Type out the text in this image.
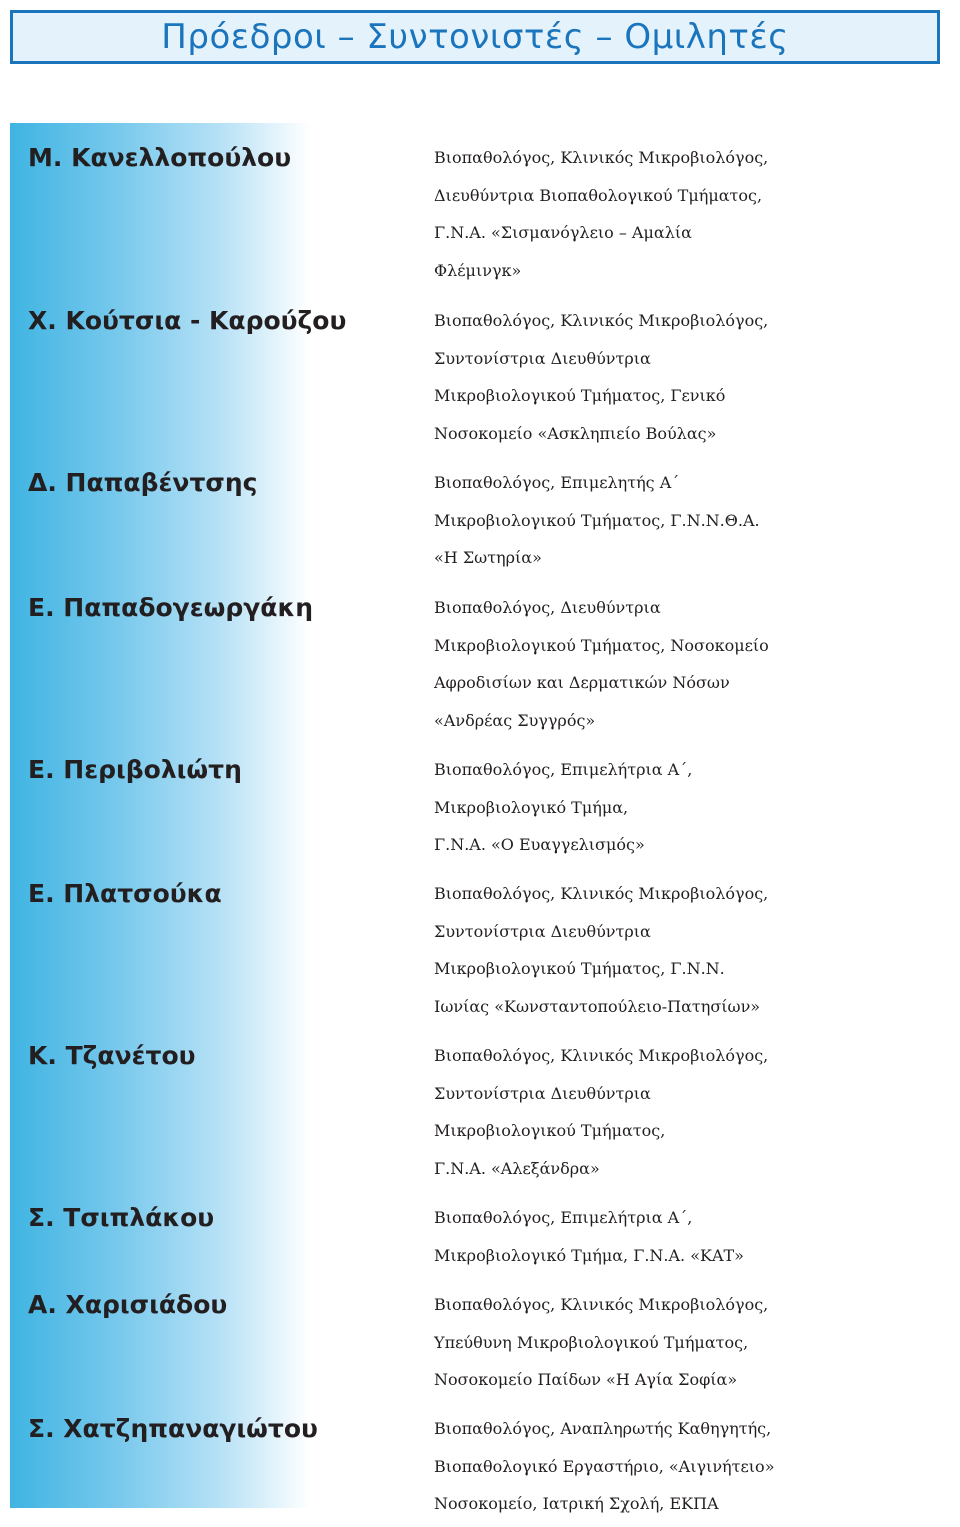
Πρόεδροι – Συντονιστές – Ομιλητές
Μ. Κανελλοπούλου	Βιοπαθολόγος, Κλινικός Μικροβιολόγος,
Διευθύντρια Βιοπαθολογικού Τμήματος,
Γ.Ν.Α. «Σισμανόγλειο – Αμαλία
Φλέμινγκ»
Χ. Κούτσια - Καρούζου	Βιοπαθολόγος, Κλινικός Μικροβιολόγος,
Συντονίστρια Διευθύντρια
Μικροβιολογικού Τμήματος, Γενικό
Νοσοκομείο «Ασκληπιείο Βούλας»
Δ. Παπαβέντσης	Βιοπαθολόγος, Επιμελητής Α΄
Μικροβιολογικού Τμήματος, Γ.Ν.Ν.Θ.Α.
«Η Σωτηρία»
Ε. Παπαδογεωργάκη	Βιοπαθολόγος, Διευθύντρια
Μικροβιολογικού Τμήματος, Νοσοκομείο
Αφροδισίων και Δερματικών Νόσων
«Ανδρέας Συγγρός»
Ε. Περιβολιώτη	Βιοπαθολόγος, Επιμελήτρια Α΄,
Μικροβιολογικό Τμήμα,
Γ.Ν.Α. «Ο Ευαγγελισμός»
Ε. Πλατσούκα	Βιοπαθολόγος, Κλινικός Μικροβιολόγος,
Συντονίστρια Διευθύντρια
Μικροβιολογικού Τμήματος, Γ.Ν.Ν.
Ιωνίας «Κωνσταντοπούλειο-Πατησίων»
Κ. Τζανέτου	Βιοπαθολόγος, Κλινικός Μικροβιολόγος,
Συντονίστρια Διευθύντρια
Μικροβιολογικού Τμήματος,
Γ.Ν.Α. «Αλεξάνδρα»
Σ. Τσιπλάκου	Βιοπαθολόγος, Επιμελήτρια Α΄,
Μικροβιολογικό Τμήμα, Γ.Ν.Α. «ΚΑΤ»
Α. Χαρισιάδου	Βιοπαθολόγος, Κλινικός Μικροβιολόγος,
Υπεύθυνη Μικροβιολογικού Τμήματος,
Νοσοκομείο Παίδων «Η Αγία Σοφία»
Σ. Χατζηπαναγιώτου	Βιοπαθολόγος, Αναπληρωτής Καθηγητής,
Βιοπαθολογικό Εργαστήριο, «Αιγινήτειο»
Νοσοκομείο, Ιατρική Σχολή, ΕΚΠΑ
